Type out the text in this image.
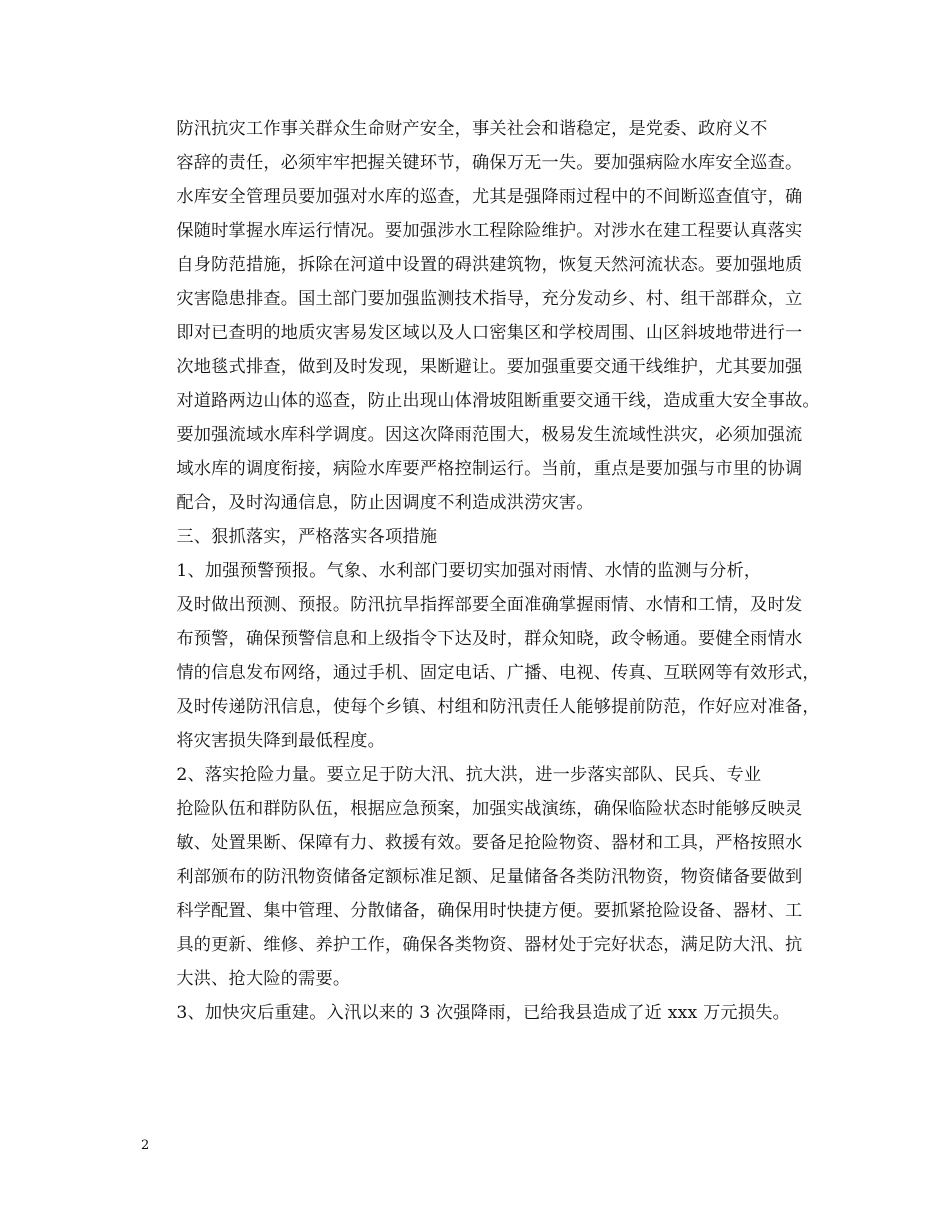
防汛抗灾工作事关群众生命财产安全，事关社会和谐稳定，是党委、政府义不
容辞的责任，必须牢牢把握关键环节，确保万无一失。要加强病险水库安全巡查。
水库安全管理员要加强对水库的巡查，尤其是强降雨过程中的不间断巡查值守，确
保随时掌握水库运行情况。要加强涉水工程除险维护。对涉水在建工程要认真落实
自身防范措施，拆除在河道中设置的碍洪建筑物，恢复天然河流状态。要加强地质
灾害隐患排查。国土部门要加强监测技术指导，充分发动乡、村、组干部群众，立
即对已查明的地质灾害易发区域以及人口密集区和学校周围、山区斜坡地带进行一
次地毯式排查，做到及时发现，果断避让。要加强重要交通干线维护，尤其要加强
对道路两边山体的巡查，防止出现山体滑坡阻断重要交通干线，造成重大安全事故。
要加强流域水库科学调度。因这次降雨范围大，极易发生流域性洪灾，必须加强流
域水库的调度衔接，病险水库要严格控制运行。当前，重点是要加强与市里的协调
配合，及时沟通信息，防止因调度不利造成洪涝灾害。

三、狠抓落实，严格落实各项措施

1、加强预警预报。气象、水利部门要切实加强对雨情、水情的监测与分析，
及时做出预测、预报。防汛抗旱指挥部要全面准确掌握雨情、水情和工情，及时发
布预警，确保预警信息和上级指令下达及时，群众知晓，政令畅通。要健全雨情水
情的信息发布网络，通过手机、固定电话、广播、电视、传真、互联网等有效形式，
及时传递防汛信息，使每个乡镇、村组和防汛责任人能够提前防范，作好应对准备，
将灾害损失降到最低程度。

2、落实抢险力量。要立足于防大汛、抗大洪，进一步落实部队、民兵、专业
抢险队伍和群防队伍，根据应急预案，加强实战演练，确保临险状态时能够反映灵
敏、处置果断、保障有力、救援有效。要备足抢险物资、器材和工具，严格按照水
利部颁布的防汛物资储备定额标准足额、足量储备各类防汛物资，物资储备要做到
科学配置、集中管理、分散储备，确保用时快捷方便。要抓紧抢险设备、器材、工
具的更新、维修、养护工作，确保各类物资、器材处于完好状态，满足防大汛、抗
大洪、抢大险的需要。

3、加快灾后重建。入汛以来的 3 次强降雨，已给我县造成了近 xxx 万元损失。

2
